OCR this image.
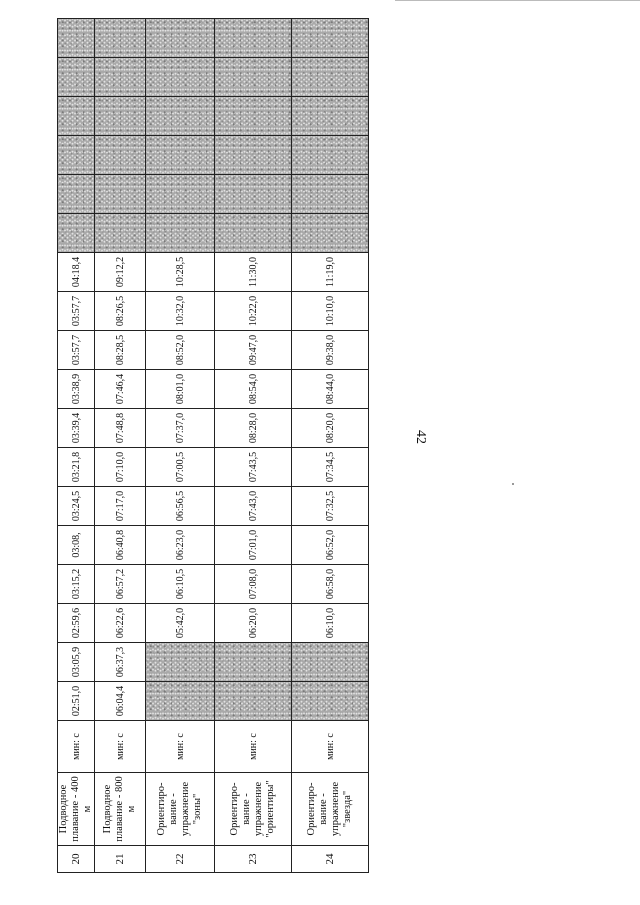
42
20	Подводное плавание - 400 м	мин: с	02:51,0	03:05,9	02:59,6	03:15,2	03:08,	03:24,5	03:21,8	03:39,4	03:38,9	03:57,7	03:57,7	04:18,4						
21	Подводное плавание - 800 м	мин: с	06:04,4	06:37,3	06:22,6	06:57,2	06:40,8	07:17,0	07:10,0	07:48,8	07:46,4	08:28,5	08:26,5	09:12,2						
22	Ориентиро-вание - упражнение "зоны"	мин: с			05:42,0	06:10,5	06:23,0	06:56,5	07:00,5	07:37,0	08:01,0	08:52,0	10:32,0	10:28,5						
23	Ориентиро-вание - упражнение "ориентиры"	мин: с			06:20,0	07:08,0	07:01,0	07:43,0	07:43,5	08:28,0	08:54,0	09:47,0	10:22,0	11:30,0						
24	Ориентиро-вание - упражнение "звезда"	мин: с			06:10,0	06:58,0	06:52,0	07:32,5	07:34,5	08:20,0	08:44,0	09:38,0	10:10,0	11:19,0						
